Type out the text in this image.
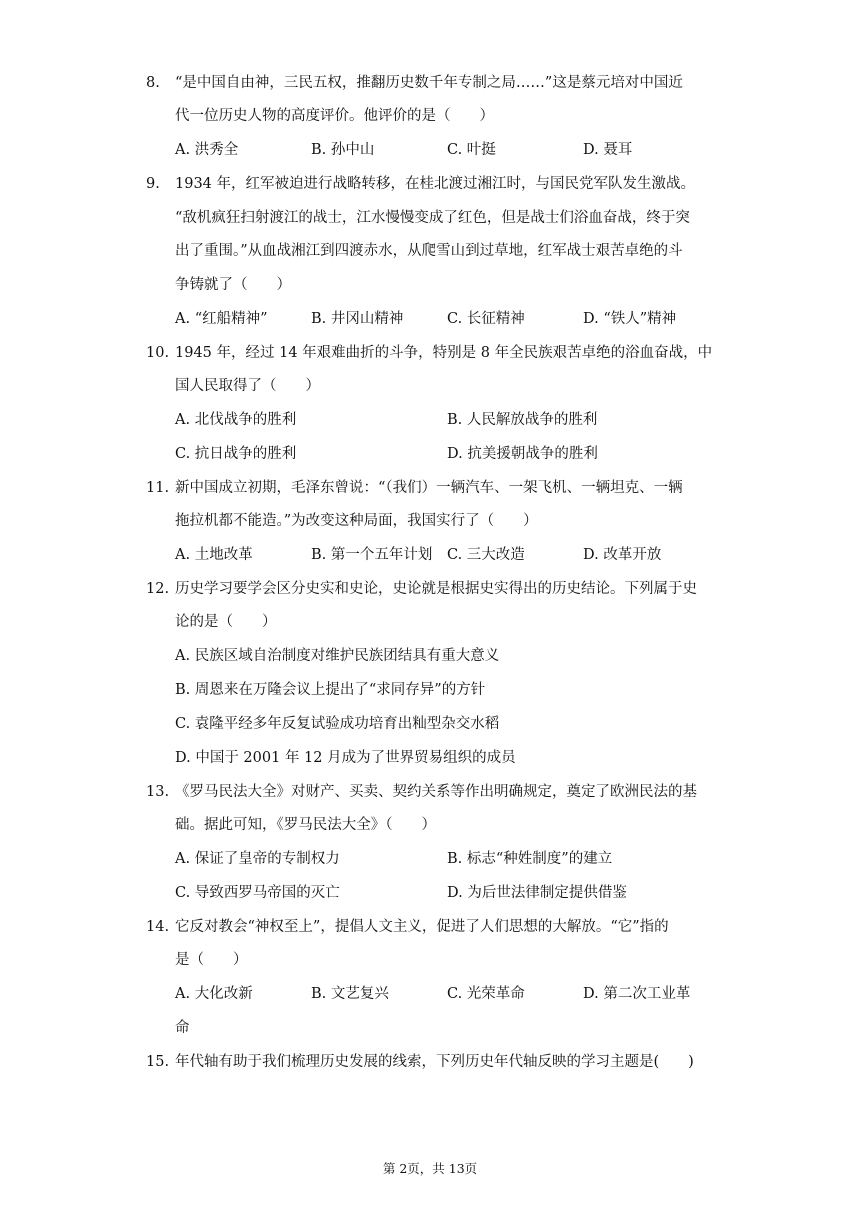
8. “是中国自由神，三民五权，推翻历史数千年专制之局……”这是蔡元培对中国近
代一位历史人物的高度评价。他评价的是（　　）
A. 洪秀全	B. 孙中山	C. 叶挺	D. 聂耳
9. 1934 年，红军被迫进行战略转移，在桂北渡过湘江时，与国民党军队发生激战。
“敌机疯狂扫射渡江的战士，江水慢慢变成了红色，但是战士们浴血奋战，终于突
出了重围。”从血战湘江到四渡赤水，从爬雪山到过草地，红军战士艰苦卓绝的斗
争铸就了（　　）
A. “红船精神”	B. 井冈山精神	C. 长征精神	D. “铁人”精神
10. 1945 年，经过 14 年艰难曲折的斗争，特别是 8 年全民族艰苦卓绝的浴血奋战，中
国人民取得了（　　）
A. 北伐战争的胜利	B. 人民解放战争的胜利
C. 抗日战争的胜利	D. 抗美援朝战争的胜利
11. 新中国成立初期，毛泽东曾说：“（我们）一辆汽车、一架飞机、一辆坦克、一辆
拖拉机都不能造。”为改变这种局面，我国实行了（　　）
A. 土地改革	B. 第一个五年计划 C. 三大改造	D. 改革开放
12. 历史学习要学会区分史实和史论，史论就是根据史实得出的历史结论。下列属于史
论的是（　　）
A. 民族区域自治制度对维护民族团结具有重大意义
B. 周恩来在万隆会议上提出了“求同存异”的方针
C. 袁隆平经多年反复试验成功培育出籼型杂交水稻
D. 中国于 2001 年 12 月成为了世界贸易组织的成员
13. 《罗马民法大全》对财产、买卖、契约关系等作出明确规定，奠定了欧洲民法的基
础。据此可知，《罗马民法大全》（　　）
A. 保证了皇帝的专制权力	B. 标志“种姓制度”的建立
C. 导致西罗马帝国的灭亡	D. 为后世法律制定提供借鉴
14. 它反对教会“神权至上”，提倡人文主义，促进了人们思想的大解放。“它”指的
是（　　）
A. 大化改新	B. 文艺复兴	C. 光荣革命	D. 第二次工业革
命
15. 年代轴有助于我们梳理历史发展的线索，下列历史年代轴反映的学习主题是(　　)
第 2页，共 13页
